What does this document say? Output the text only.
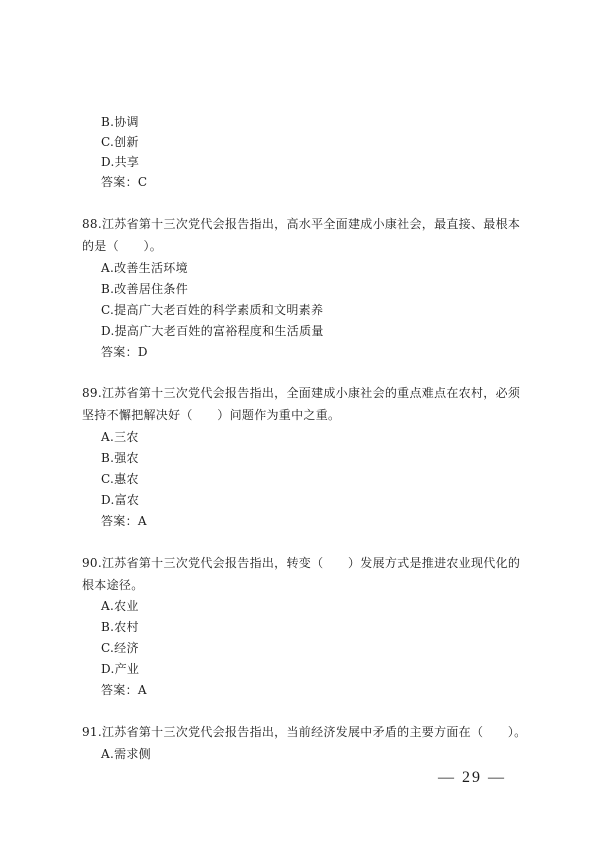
B.协调
C.创新
D.共享
答案：C
88.江苏省第十三次党代会报告指出，高水平全面建成小康社会，最直接、最根本
的是（　　）。
A.改善生活环境
B.改善居住条件
C.提高广大老百姓的科学素质和文明素养
D.提高广大老百姓的富裕程度和生活质量
答案：D
89.江苏省第十三次党代会报告指出，全面建成小康社会的重点难点在农村，必须
坚持不懈把解决好（　　）问题作为重中之重。
A.三农
B.强农
C.惠农
D.富农
答案：A
90.江苏省第十三次党代会报告指出，转变（　　）发展方式是推进农业现代化的
根本途径。
A.农业
B.农村
C.经济
D.产业
答案：A
91.江苏省第十三次党代会报告指出，当前经济发展中矛盾的主要方面在（　　）。
A.需求侧
— 29 —
